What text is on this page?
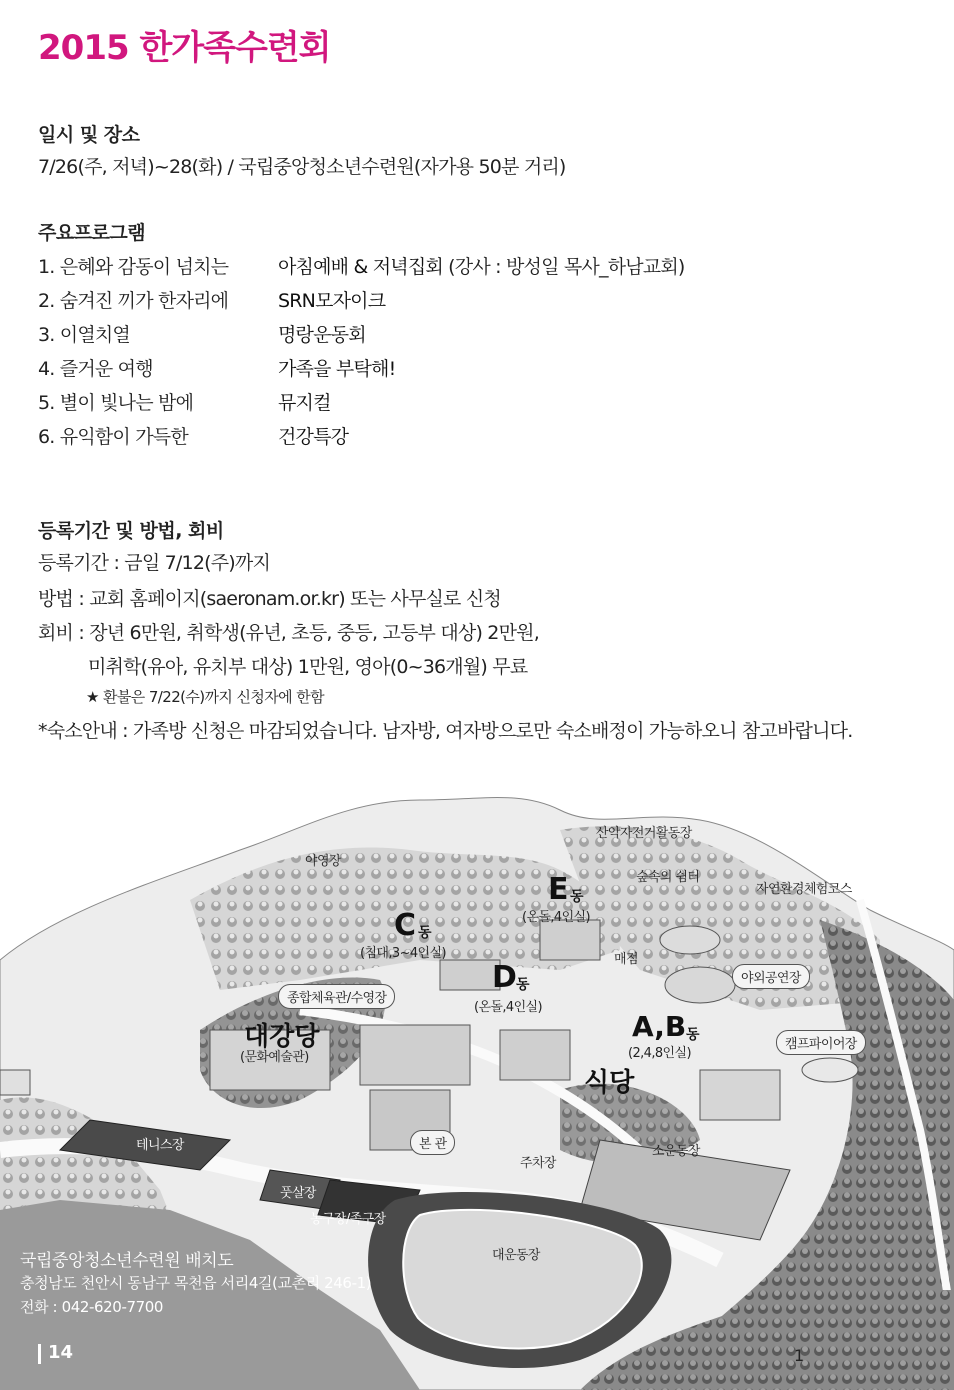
2015 한가족수련회
일시 및 장소
7/26(주, 저녁)~28(화) / 국립중앙청소년수련원(자가용 50분 거리)
주요프로그램
1. 은혜와 감동이 넘치는	아침예배 & 저녁집회 (강사 : 방성일 목사_하남교회)
2. 숨겨진 끼가 한자리에	SRN모자이크
3. 이열치열	명랑운동회
4. 즐거운 여행	가족을 부탁해!
5. 별이 빛나는 밤에	뮤지컬
6. 유익함이 가득한	건강특강
등록기간 및 방법, 회비
등록기간 : 금일 7/12(주)까지
방법 : 교회 홈페이지(saeronam.or.kr) 또는 사무실로 신청
회비 : 장년 6만원, 취학생(유년, 초등, 중등, 고등부 대상) 2만원,
미취학(유아, 유치부 대상) 1만원, 영아(0~36개월) 무료
★ 환불은 7/22(수)까지 신청자에 한함
*숙소안내 : 가족방 신청은 마감되었습니다. 남자방, 여자방으로만 숙소배정이 가능하오니 참고바랍니다.
산악자전거활동장
야영장
숲속의 쉼터
자연환경체험코스
E 동
(온돌,4인실)
C 동
(침대,3~4인실)	매점
야외공연장
D 동
(온돌,4인실)
종합체육관/수영장
대강당
(문화예술관)
A,B 동
(2,4,8인실)
캠프파이어장
식당
테니스장	본 관
주차장
소운동장
풋살장
농구장/족구장
대운동장
국립중앙청소년수련원 배치도
충청남도 천안시 동남구 목천읍 서리4길(교촌리 246-1)
전화 : 042-620-7700
14	1
